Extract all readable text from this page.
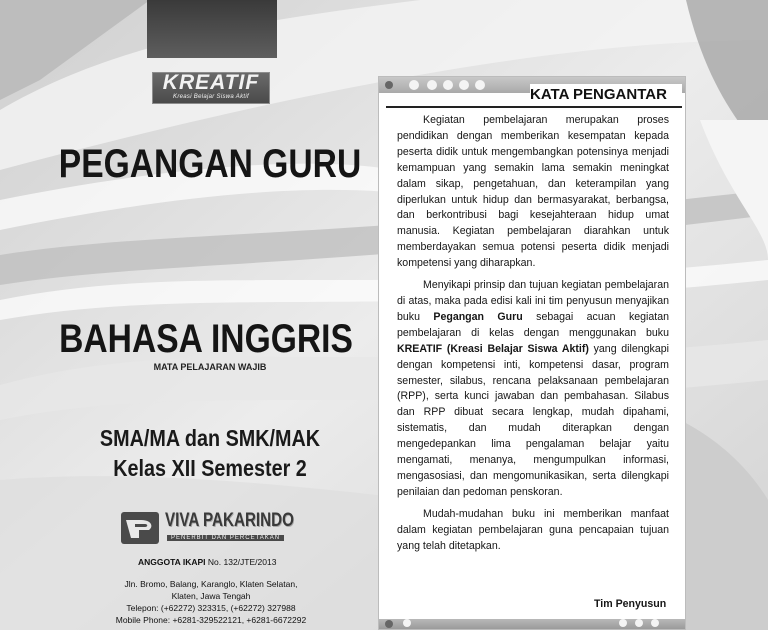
KREATIF
Kreasi Belajar Siswa Aktif
PEGANGAN GURU
BAHASA INGGRIS
MATA PELAJARAN WAJIB
SMA/MA dan SMK/MAK
Kelas XII Semester 2
VIVA PAKARINDO
PENERBIT DAN PERCETAKAN
ANGGOTA IKAPI No. 132/JTE/2013
Jln. Bromo, Balang, Karanglo, Klaten Selatan,
Klaten, Jawa Tengah
Telepon: (+62272) 323315, (+62272) 327988
Mobile Phone: +6281-329522121, +6281-6672292
KATA PENGANTAR

Kegiatan pembelajaran merupakan proses pendidikan dengan memberikan kesempatan kepada peserta didik untuk mengembangkan potensinya menjadi kemampuan yang semakin lama semakin meningkat dalam sikap, pengetahuan, dan keterampilan yang diperlukan untuk hidup dan bermasyarakat, berbangsa, dan berkontribusi bagi kesejahteraan hidup umat manusia. Kegiatan pembelajaran diarahkan untuk memberdayakan semua potensi peserta didik menjadi kompetensi yang diharapkan.

Menyikapi prinsip dan tujuan kegiatan pembelajaran di atas, maka pada edisi kali ini tim penyusun menyajikan buku Pegangan Guru sebagai acuan kegiatan pembelajaran di kelas dengan menggunakan buku KREATIF (Kreasi Belajar Siswa Aktif) yang dilengkapi dengan kompetensi inti, kompetensi dasar, program semester, silabus, rencana pelaksanaan pembelajaran (RPP), serta kunci jawaban dan pembahasan. Silabus dan RPP dibuat secara lengkap, mudah dipahami, sistematis, dan mudah diterapkan dengan mengedepankan lima pengalaman belajar yaitu mengamati, menanya, mengumpulkan informasi, mengasosiasi, dan mengomunikasikan, serta dilengkapi penilaian dan pedoman penskoran.

Mudah-mudahan buku ini memberikan manfaat dalam kegiatan pembelajaran guna pencapaian tujuan yang telah ditetapkan.

Tim Penyusun
